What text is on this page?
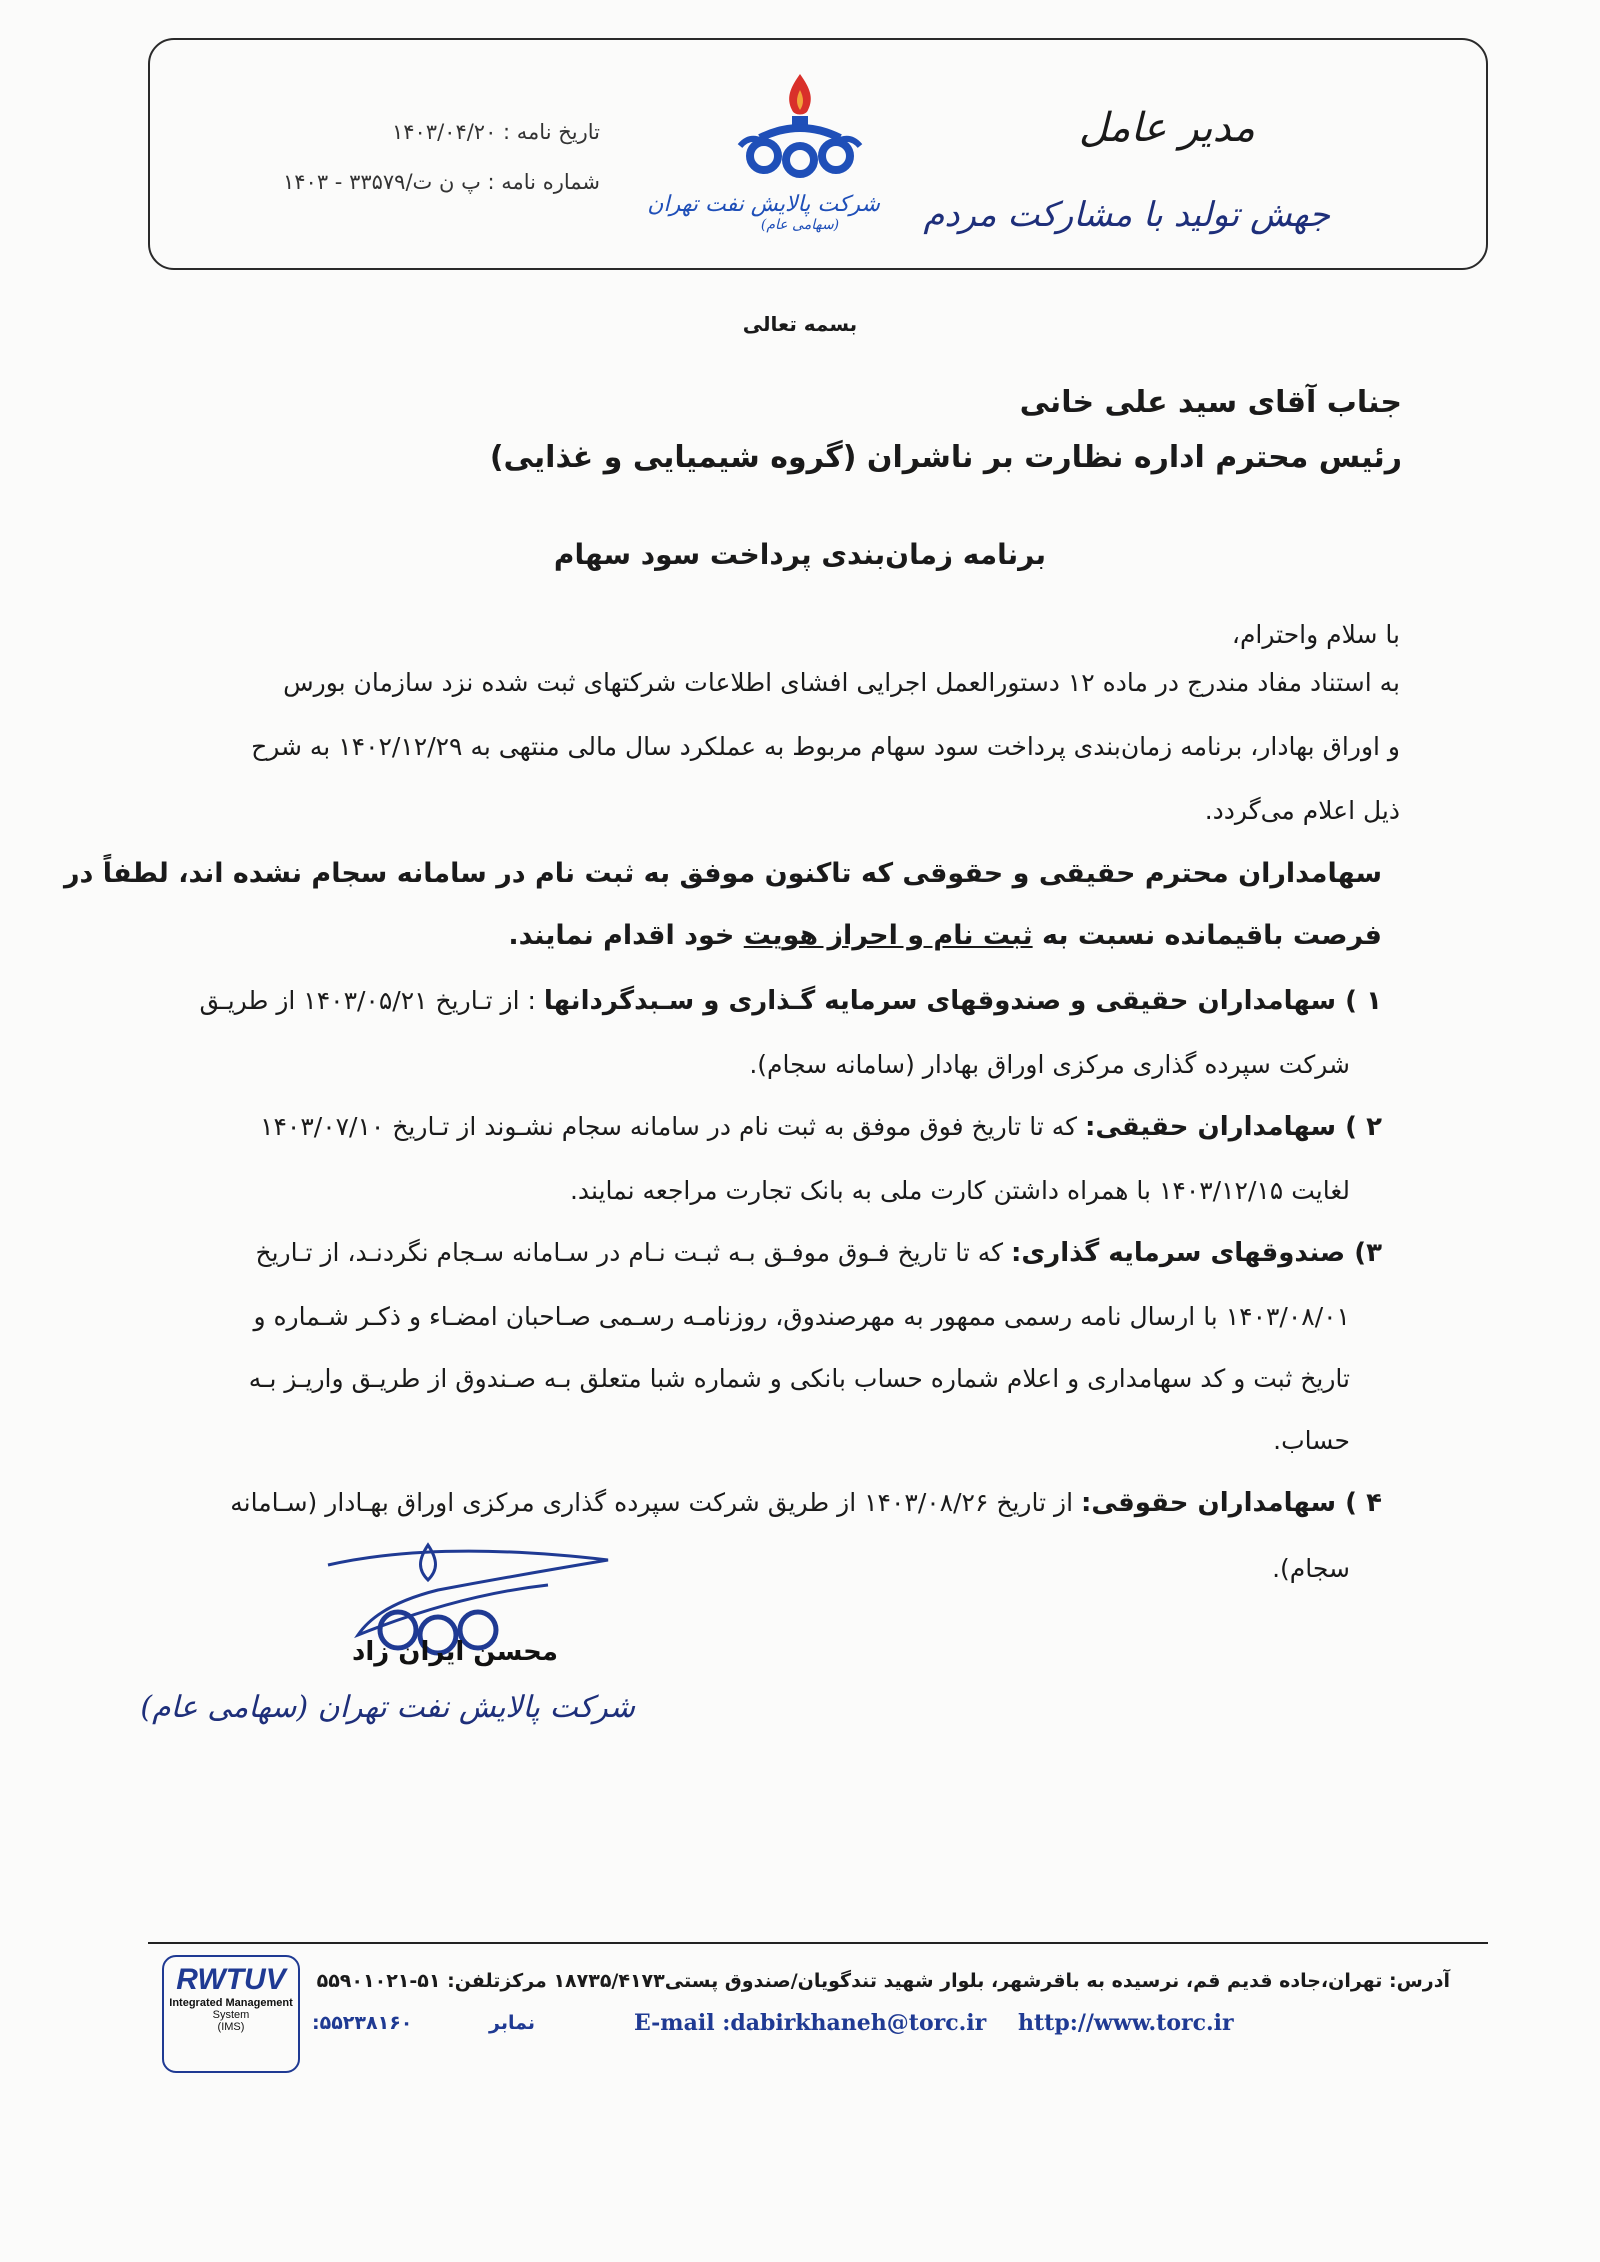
تاریخ نامه : ۱۴۰۳/۰۴/۲۰
شماره نامه : پ ن ت/۳۳۵۷۹ - ۱۴۰۳
شرکت پالایش نفت تهران
(سهامی عام)
مدیر عامل
جهش تولید با مشارکت مردم
بسمه تعالی
جناب آقای سید علی خانی
رئیس محترم اداره نظارت بر ناشران (گروه شیمیایی و غذایی)
برنامه زمان‌بندی پرداخت سود سهام
با سلام واحترام،
به استناد مفاد مندرج در ماده ۱۲ دستورالعمل اجرایی افشای اطلاعات شرکتهای ثبت شده نزد سازمان بورس
و اوراق بهادار، برنامه زمان‌بندی پرداخت سود سهام مربوط به عملکرد سال مالی منتهی به ۱۴۰۲/۱۲/۲۹ به شرح
ذیل اعلام می‌گردد.
سهامداران محترم حقیقی و حقوقی که تاکنون موفق به ثبت نام در سامانه سجام نشده اند، لطفاً در
فرصت باقیمانده نسبت به ثبت نام و احراز هویت خود اقدام نمایند.
۱ ) سهامداران حقیقی و صندوقهای سرمایه گـذاری و سـبدگردانها : از تـاریخ ۱۴۰۳/۰۵/۲۱ از طریـق
شرکت سپرده گذاری مرکزی اوراق بهادار (سامانه سجام).
۲ ) سهامداران حقیقی: که تا تاریخ فوق موفق به ثبت نام در سامانه سجام نشـوند از تـاریخ ۱۴۰۳/۰۷/۱۰
لغایت ۱۴۰۳/۱۲/۱۵ با همراه داشتن کارت ملی به بانک تجارت مراجعه نمایند.
۳) صندوقهای سرمایه گذاری: که تا تاریخ فـوق موفـق بـه ثبـت نـام در سـامانه سـجام نگردنـد، از تـاریخ
۱۴۰۳/۰۸/۰۱ با ارسال نامه رسمی ممهور به مهرصندوق، روزنامـه رسـمی صـاحبان امضـاء و ذکـر شـماره و
تاریخ ثبت و کد سهامداری و اعلام شماره حساب بانکی و شماره شبا متعلق بـه صـندوق از طریـق واریـز بـه
حساب.
۴ ) سهامداران حقوقی: از تاریخ ۱۴۰۳/۰۸/۲۶ از طریق شرکت سپرده گذاری مرکزی اوراق بهـادار (سـامانه
سجام).
محسن ایران زاد
شرکت پالایش نفت تهران (سهامی عام)
RWTUV
Integrated Management
System
(IMS)
آدرس: تهران،جاده قدیم قم، نرسیده به باقرشهر، بلوار شهید تندگویان/صندوق پستی۱۸۷۳۵/۴۱۷۳ مرکزتلفن: ۵۱-۵۵۹۰۱۰۲۱
http://www.torc.ir
E-mail :dabirkhaneh@torc.ir
نمابر
۵۵۲۳۸۱۶۰:
